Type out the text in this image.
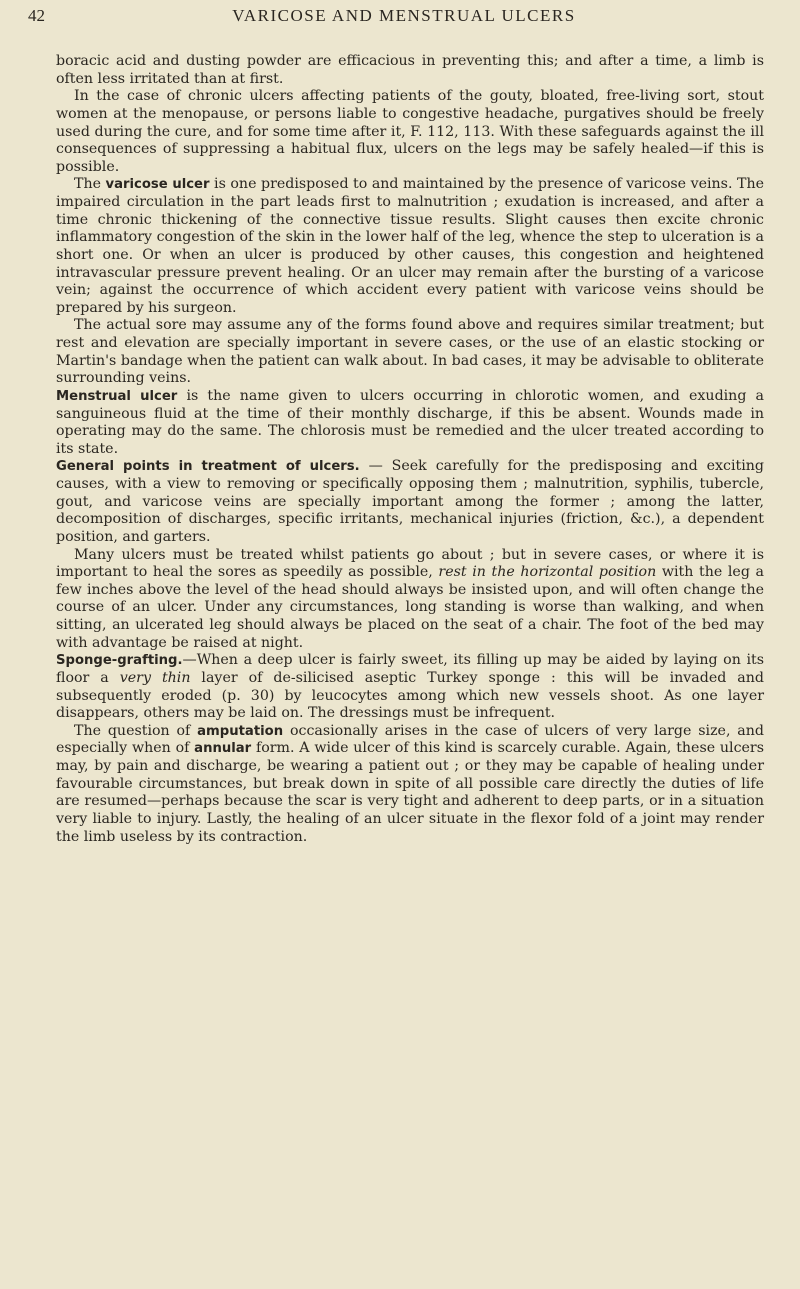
42	VARICOSE AND MENSTRUAL ULCERS

boracic acid and dusting powder are efficacious in preventing this; and after a time, a limb is often less irritated than at first.

In the case of chronic ulcers affecting patients of the gouty, bloated, free-living sort, stout women at the menopause, or persons liable to congestive headache, purgatives should be freely used during the cure, and for some time after it, F. 112, 113. With these safeguards against the ill consequences of suppressing a habitual flux, ulcers on the legs may be safely healed—if this is possible.

The varicose ulcer is one predisposed to and maintained by the presence of varicose veins. The impaired circulation in the part leads first to malnutrition ; exudation is increased, and after a time chronic thickening of the connective tissue results. Slight causes then excite chronic inflammatory congestion of the skin in the lower half of the leg, whence the step to ulceration is a short one. Or when an ulcer is produced by other causes, this congestion and heightened intravascular pressure prevent healing. Or an ulcer may remain after the bursting of a varicose vein; against the occurrence of which accident every patient with varicose veins should be prepared by his surgeon.

The actual sore may assume any of the forms found above and requires similar treatment; but rest and elevation are specially important in severe cases, or the use of an elastic stocking or Martin's bandage when the patient can walk about. In bad cases, it may be advisable to obliterate surrounding veins.

Menstrual ulcer is the name given to ulcers occurring in chlorotic women, and exuding a sanguineous fluid at the time of their monthly discharge, if this be absent. Wounds made in operating may do the same. The chlorosis must be remedied and the ulcer treated according to its state.

General points in treatment of ulcers. — Seek carefully for the predisposing and exciting causes, with a view to removing or specifically opposing them ; malnutrition, syphilis, tubercle, gout, and varicose veins are specially important among the former ; among the latter, decomposition of discharges, specific irritants, mechanical injuries (friction, &c.), a dependent position, and garters.

Many ulcers must be treated whilst patients go about ; but in severe cases, or where it is important to heal the sores as speedily as possible, rest in the horizontal position with the leg a few inches above the level of the head should always be insisted upon, and will often change the course of an ulcer. Under any circumstances, long standing is worse than walking, and when sitting, an ulcerated leg should always be placed on the seat of a chair. The foot of the bed may with advantage be raised at night.

Sponge-grafting.—When a deep ulcer is fairly sweet, its filling up may be aided by laying on its floor a very thin layer of de-silicised aseptic Turkey sponge : this will be invaded and subsequently eroded (p. 30) by leucocytes among which new vessels shoot. As one layer disappears, others may be laid on. The dressings must be infrequent.

The question of amputation occasionally arises in the case of ulcers of very large size, and especially when of annular form. A wide ulcer of this kind is scarcely curable. Again, these ulcers may, by pain and discharge, be wearing a patient out ; or they may be capable of healing under favourable circumstances, but break down in spite of all possible care directly the duties of life are resumed—perhaps because the scar is very tight and adherent to deep parts, or in a situation very liable to injury. Lastly, the healing of an ulcer situate in the flexor fold of a joint may render the limb useless by its contraction.
